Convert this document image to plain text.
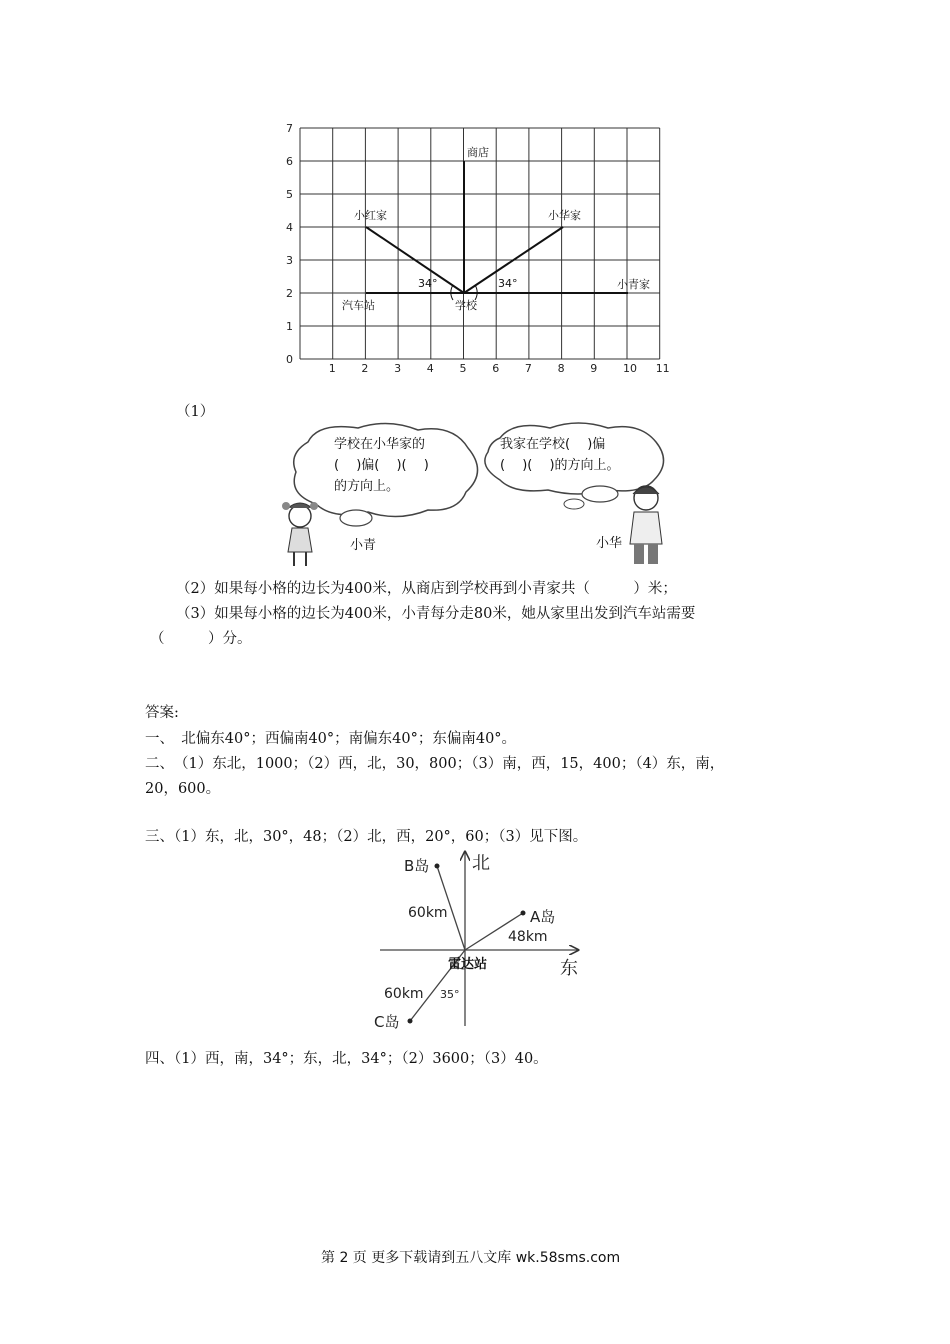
0
1
2
3
4
5
6
7
1 2 3 4 5 6 7 8 9 10 11
商店
小红家	小华家
汽车站	学校
小青家
34°	34°
（1）
学校在小华家的
(　 )偏(　 )(　 )
的方向上。
我家在学校(　 )偏
(　 )(　 )的方向上。
小青	小华
（2）如果每小格的边长为400米，从商店到学校再到小青家共（　　　）米；
（3）如果每小格的边长为400米，小青每分走80米，她从家里出发到汽车站需要
（　　　）分。
答案:
一、　北偏东40°；西偏南40°；南偏东40°；东偏南40°。
二、　（1）东北，1000；（2）西，北，30，800；（3）南，西，15，400；（4）东，南，
20，600。
三、（1）东，北，30°，48；（2）北，西，20°，60；（3）见下图。
北
东
雷达站
B岛
A岛
C岛
60km
48km
60km 35°
四、（1）西，南，34°；东，北，34°；（2）3600；（3）40。
第 2 页 更多下载请到五八文库 wk.58sms.com
